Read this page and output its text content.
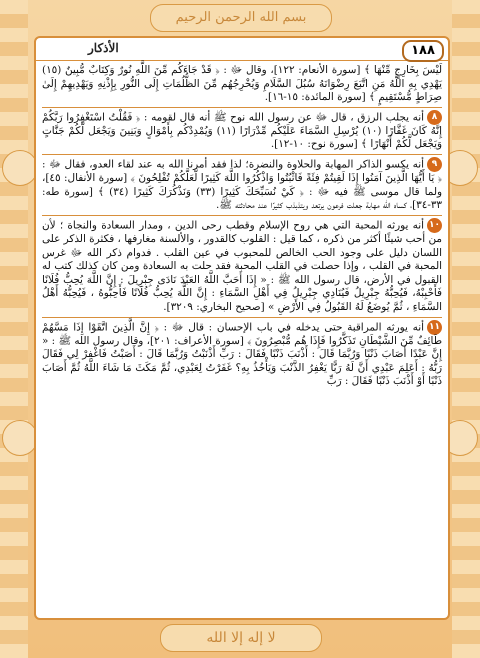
بسم الله الرحمن الرحيم
الأذكار	١٨٨

لَيْسَ بِخَارِجٍ مِّنْهَا ﴾ [سورة الأنعام: ١٢٢]، وقال ﷻ : ﴿ قَدْ جَاءَكُم مِّنَ اللَّهِ نُورٌ وَكِتَابٌ مُّبِينٌ (١٥) يَهْدِي بِهِ اللَّهُ مَنِ اتَّبَعَ رِضْوَانَهُ سُبُلَ السَّلَامِ وَيُخْرِجُهُم مِّنَ الظُّلُمَاتِ إِلَى النُّورِ بِإِذْنِهِ وَيَهْدِيهِمْ إِلَىٰ صِرَاطٍ مُّسْتَقِيمٍ ﴾ [سورة المائدة: ١٥-١٦].

٨أنه يجلب الرزق ، قال ﷻ عن رسول الله نوح ﷺ أنه قال لقومه : ﴿ فَقُلْتُ اسْتَغْفِرُوا رَبَّكُمْ إِنَّهُ كَانَ غَفَّارًا (١٠) يُرْسِلِ السَّمَاءَ عَلَيْكُم مِّدْرَارًا (١١) وَيُمْدِدْكُم بِأَمْوَالٍ وَبَنِينَ وَيَجْعَل لَّكُمْ جَنَّاتٍ وَيَجْعَل لَّكُمْ أَنْهَارًا ﴾ [سورة نوح: ١٠-١٢].

٩أنه يكسو الذاكر المهابة والحلاوة والنضرة؛ لذا فقد أمرنا الله به عند لقاء العدو، فقال ﷻ : ﴿ يَا أَيُّهَا الَّذِينَ آمَنُوا إِذَا لَقِيتُمْ فِئَةً فَاثْبُتُوا وَاذْكُرُوا اللَّهَ كَثِيرًا لَّعَلَّكُمْ تُفْلِحُونَ ﴾ [سورة الأنفال: ٤٥]، ولما قال موسى ﷺ فيه ﷻ : ﴿ كَيْ نُسَبِّحَكَ كَثِيرًا (٣٣) وَنَذْكُرَكَ كَثِيرًا (٣٤) ﴾ [سورة طه: ٣٣-٣٤]، كساه الله مهابة جعلت فرعون يرتعد ويتذبذب كثيرًا عند محادثته ﷺ.

١٠أنه يورثه المحبة التي هي روح الإسلام وقطب رحى الدين ، ومدار السعادة والنجاة ؛ لأن من أحب شيئًا أكثر من ذكره ، كما قيل : القلوب كالقدور ، والألسنة مغارفها ، فكثرة الذكر على اللسان دليل على وجود الحب الخالص للمحبوب في عين القلب . فدوام ذكر الله ﷻ غرس المحبة في القلب ، وإذا حصلت في القلب المحبة فقد حلت به السعادة ومن كان كذلك كتب له القبول في الأرض، قال رسول الله ﷺ : « إِذَا أَحَبَّ اللَّهُ العَبْدَ نَادَى جِبْرِيلَ : إِنَّ اللَّهَ يُحِبُّ فُلَانًا فَأَحْبِبْهُ، فَيُحِبُّهُ جِبْرِيلُ فَيُنَادِي جِبْرِيلُ فِي أَهْلِ السَّمَاءِ : إِنَّ اللَّهَ يُحِبُّ فُلَانًا فَأَحِبُّوهُ ، فَيُحِبُّهُ أَهْلُ السَّمَاءِ ، ثُمَّ يُوضَعُ لَهُ القَبُولُ فِي الأَرْضِ » [صحيح البخاري: ٣٢٠٩].

١١أنه يورثه المراقبة حتى يدخله في باب الإحسان : قال ﷻ : ﴿ إِنَّ الَّذِينَ اتَّقَوْا إِذَا مَسَّهُمْ طَائِفٌ مِّنَ الشَّيْطَانِ تَذَكَّرُوا فَإِذَا هُم مُّبْصِرُونَ ﴾ [سورة الأعراف: ٢٠١]، وقال رسول الله ﷺ : « إِنَّ عَبْدًا أَصَابَ ذَنْبًا وَرُبَّمَا قَالَ : أَذْنَبَ ذَنْبًا فَقَالَ : رَبِّ أَذْنَبْتُ وَرُبَّمَا قَالَ : أَصَبْتُ فَاغْفِرْ لِي فَقَالَ رَبُّهُ : أَعَلِمَ عَبْدِي أَنَّ لَهُ رَبًّا يَغْفِرُ الذَّنْبَ وَيَأْخُذُ بِهِ؟ غَفَرْتُ لِعَبْدِي، ثُمَّ مَكَثَ مَا شَاءَ اللَّهُ ثُمَّ أَصَابَ ذَنْبًا أَوْ أَذْنَبَ ذَنْبًا فَقَالَ : رَبِّ

لا إله إلا الله
